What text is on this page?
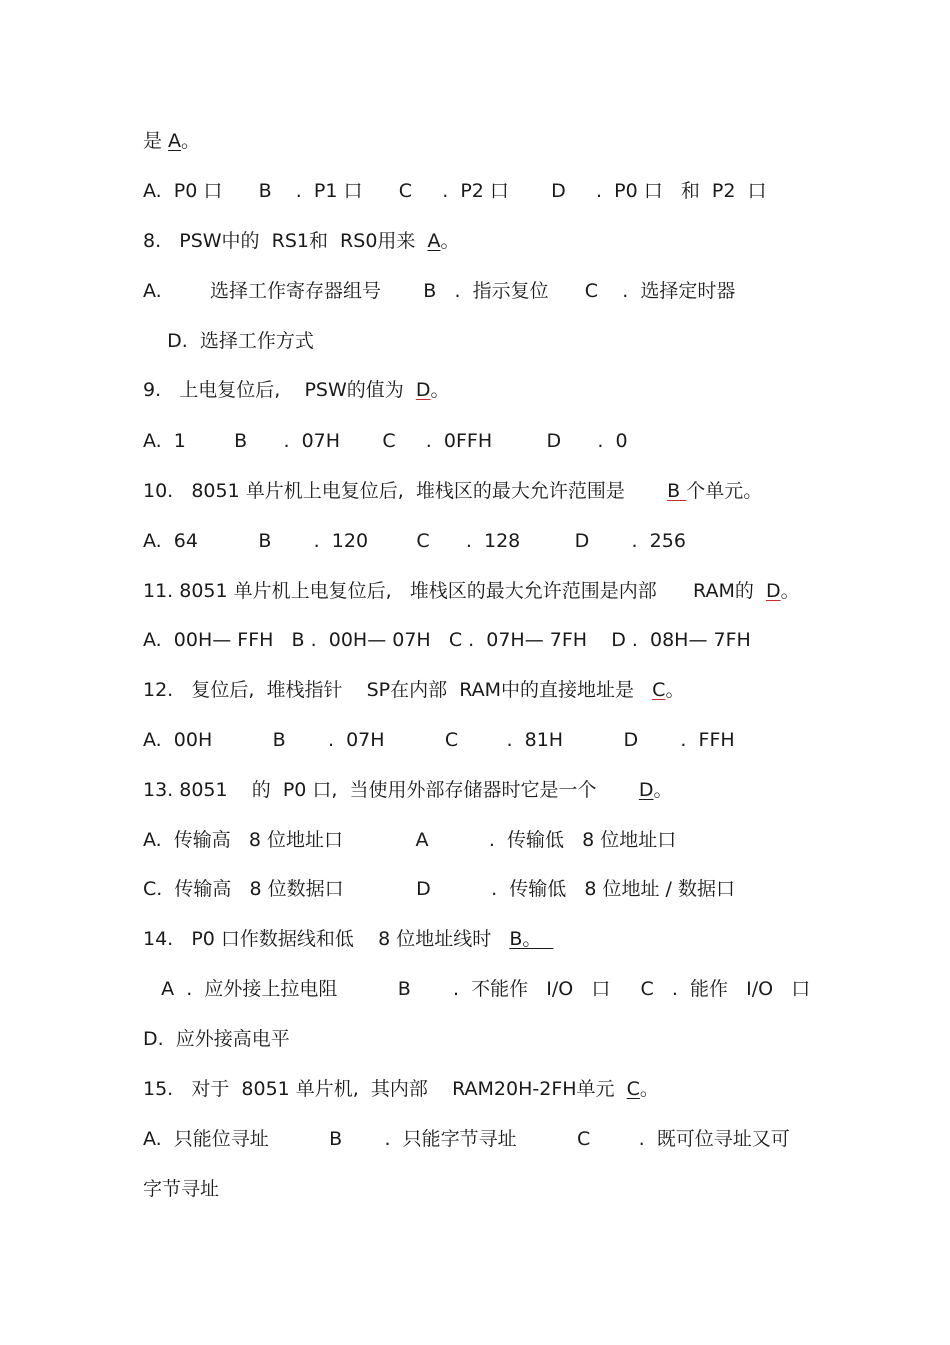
是 A。
A.  P0 口      B    .  P1 口      C     .  P2 口       D     .  P0 口   和  P2  口
8.   PSW中的  RS1和  RS0用来  A。
A.        选择工作寄存器组号       B   .  指示复位      C    .  选择定时器
D.  选择工作方式
9.   上电复位后,    PSW的值为  D。
A.  1        B      .  07H       C     .  0FFH         D      .  0
10.   8051 单片机上电复位后,  堆栈区的最大允许范围是       B 个单元。
A.  64          B       .  120        C      .  128         D       .  256
11. 8051 单片机上电复位后,   堆栈区的最大允许范围是内部      RAM的  D。
A.  00H— FFH   B .  00H— 07H   C .  07H— 7FH    D .  08H— 7FH
12.   复位后,  堆栈指针    SP在内部  RAM中的直接地址是   C。
A.  00H          B       .  07H          C        .  81H          D       .  FFH
13. 8051    的  P0 口,  当使用外部存储器时它是一个       D。
A.  传输高   8 位地址口            A          .  传输低   8 位地址口
C.  传输高   8 位数据口            D          .  传输低   8 位地址 / 数据口
14.   P0 口作数据线和低    8 位地址线时   B。
A  .  应外接上拉电阻          B       .  不能作   I/O   口     C   .  能作   I/O   口
D.  应外接高电平
15.   对于  8051 单片机,  其内部    RAM20H-2FH单元  C。
A.  只能位寻址          B       .  只能字节寻址          C        .  既可位寻址又可
字节寻址
